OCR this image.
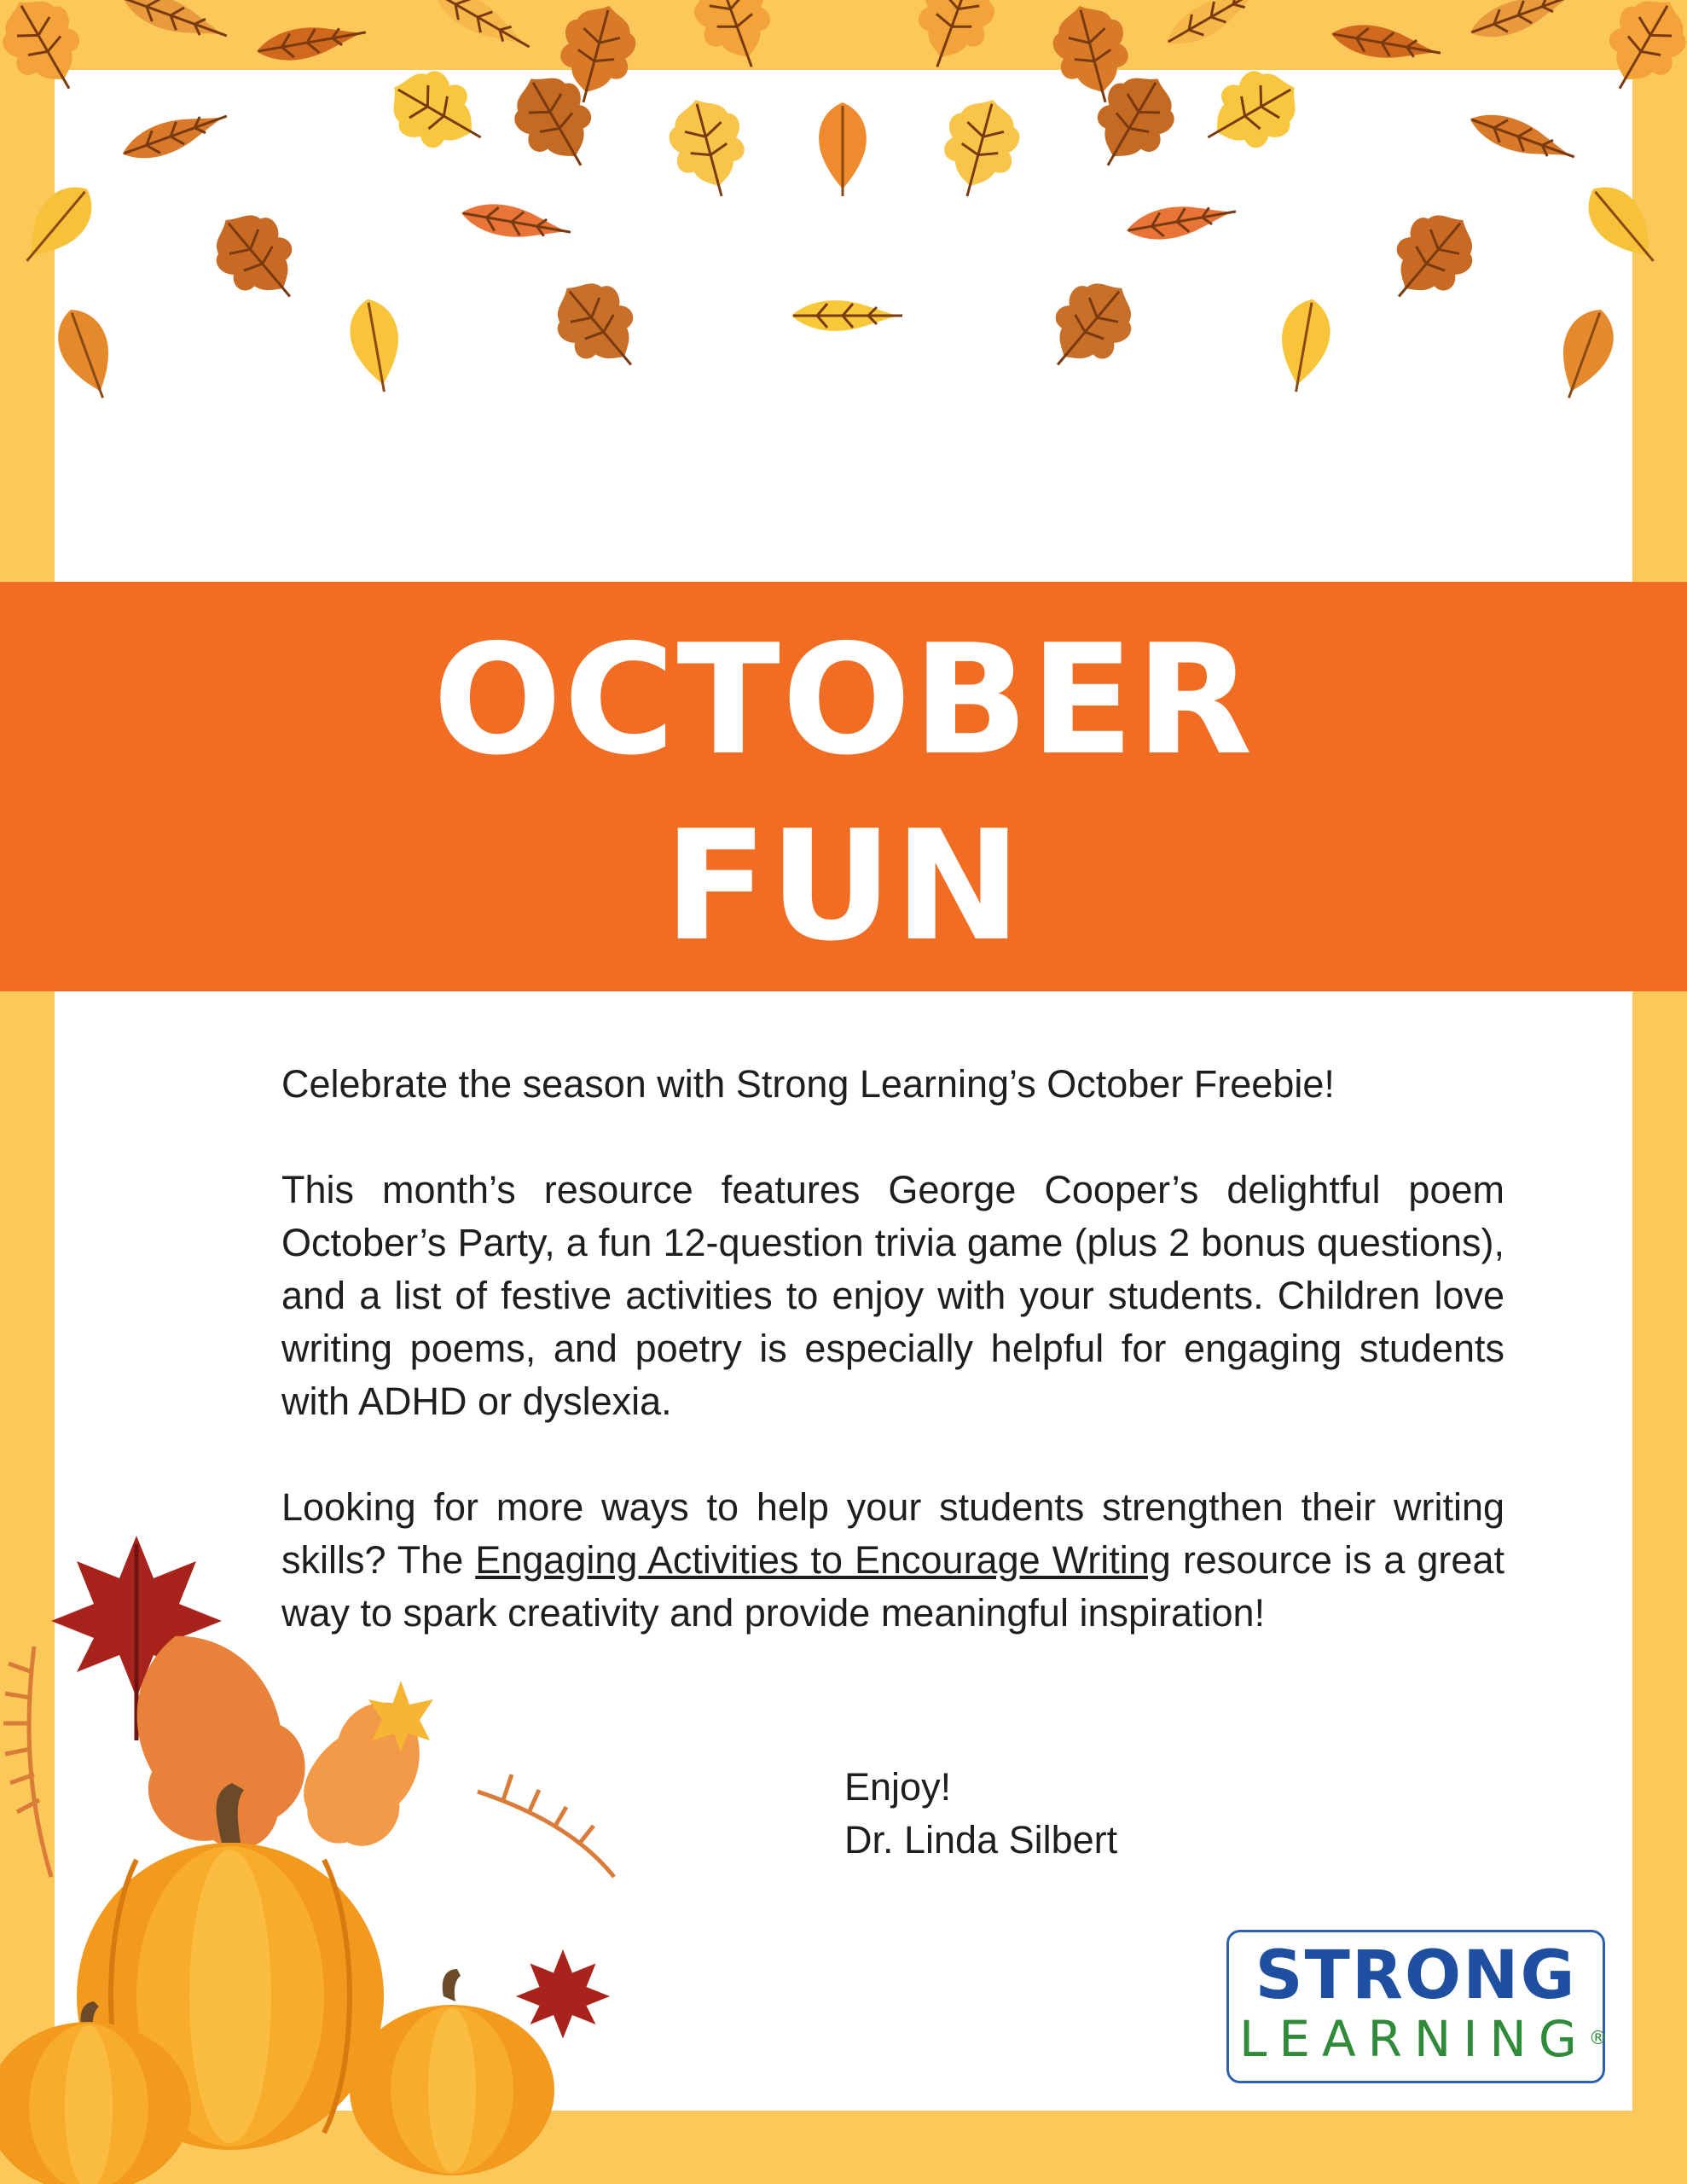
OCTOBER
FUN

Celebrate the season with Strong Learning’s October Freebie!

This month’s resource features George Cooper’s delightful poem October’s Party, a fun 12-question trivia game (plus 2 bonus questions), and a list of festive activities to enjoy with your students. Children love writing poems, and poetry is especially helpful for engaging students with ADHD or dyslexia.

Looking for more ways to help your students strengthen their writing skills? The Engaging Activities to Encourage Writing resource is a great way to spark creativity and provide meaningful inspiration!

Enjoy!
Dr. Linda Silbert
STRONG
LEARNING®
